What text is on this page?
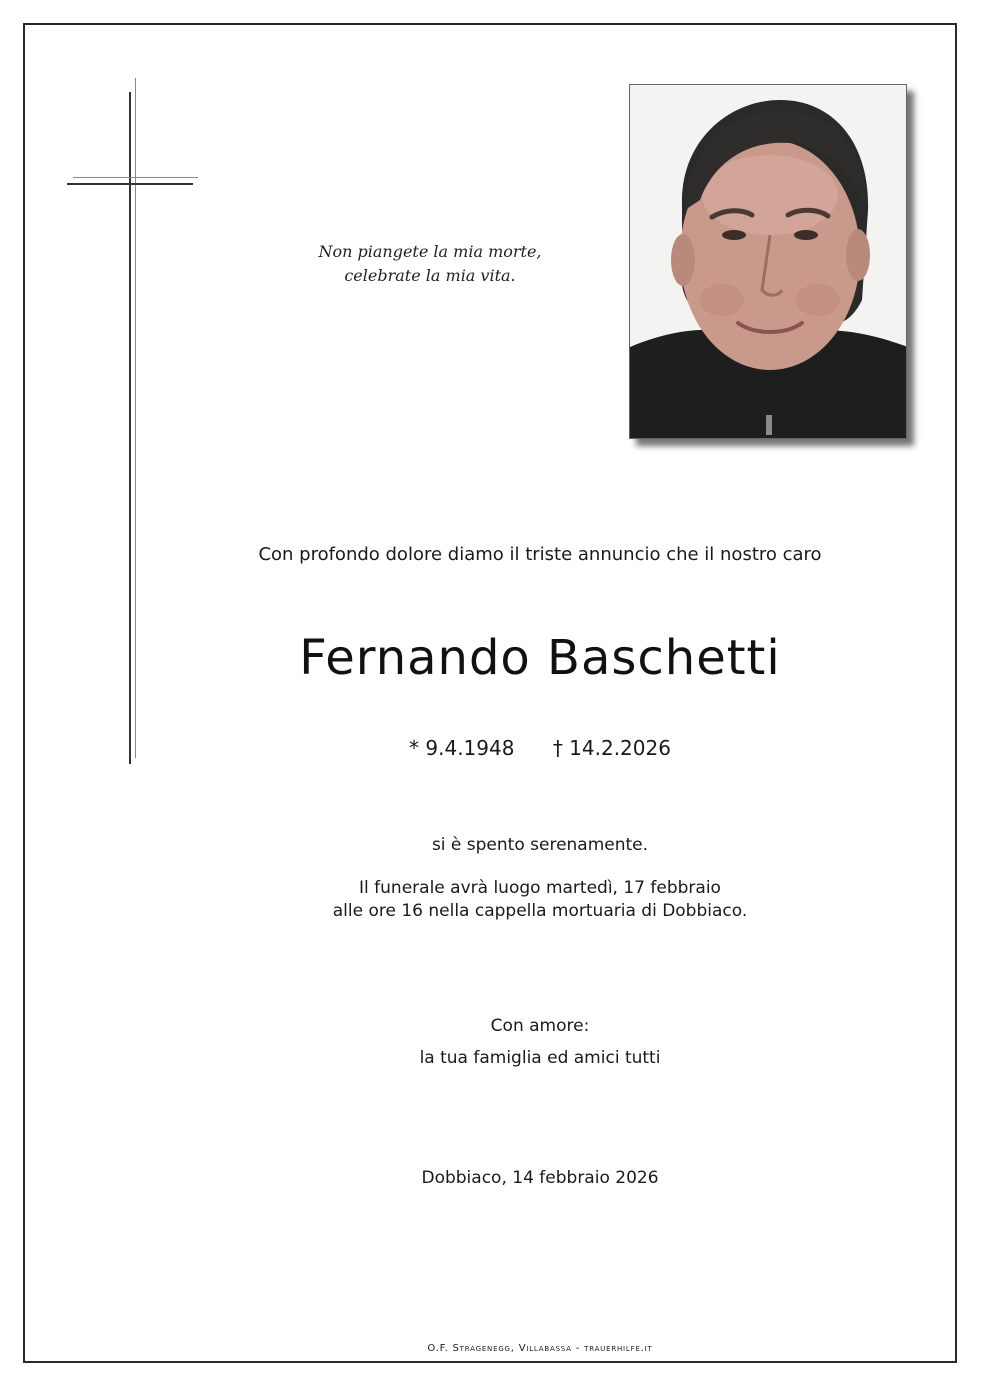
Non piangete la mia morte,
celebrate la mia vita.
Con profondo dolore diamo il triste annuncio che il nostro caro
Fernando Baschetti
* 9.4.1948 † 14.2.2026
si è spento serenamente.
Il funerale avrà luogo martedì, 17 febbraio
alle ore 16 nella cappella mortuaria di Dobbiaco.
Con amore:
la tua famiglia ed amici tutti
Dobbiaco, 14 febbraio 2026
O.F. Stragenegg, Villabassa - trauerhilfe.it
